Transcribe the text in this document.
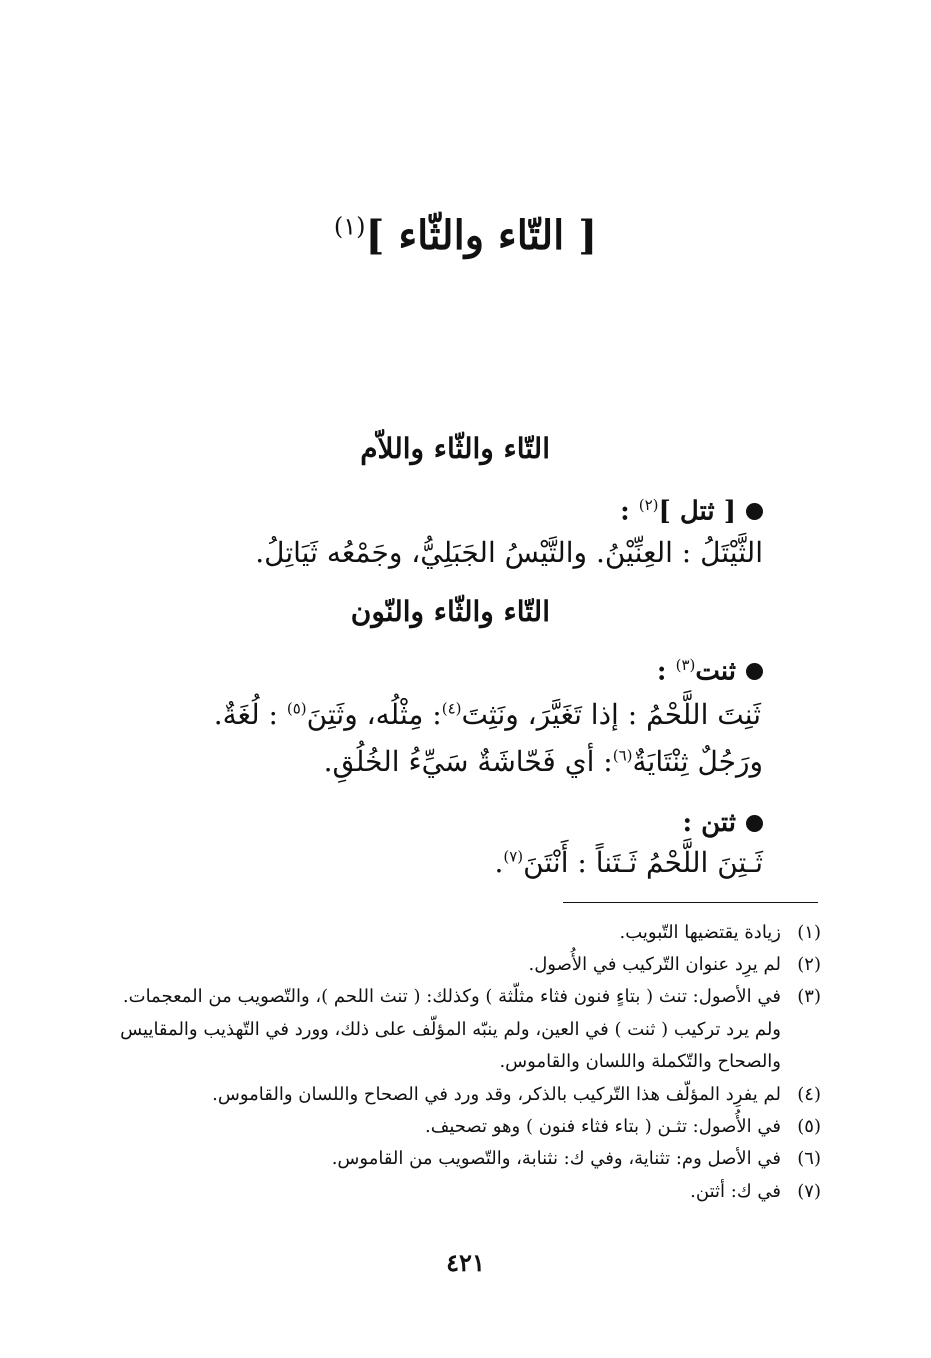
[ التّاء والثّاء ]$^{(١)}$
التّاء والثّاء واللاّم
[ ثتل ]$^{(٢)}$ :
الثَّيْتَلُ : العِنِّيْنُ. والتَّيْسُ الجَبَلِيُّ، وجَمْعُه ثَيَاتِلُ.
التّاء والثّاء والنّون
ثنت$^{(٣)}$ :
ثَنِتَ اللَّحْمُ : إذا تَغَيَّرَ، ونَثِتَ$^{(٤)}$: مِثْلُه، وثَتِنَ$^{(٥)}$ : لُغَةٌ.
ورَجُلٌ ثِنْتَايَةٌ$^{(٦)}$: أي فَحّاشَةٌ سَيِّءُ الخُلُقِ.
ثتن :
ثَـتِنَ اللَّحْمُ ثَـتَناً : أَنْتَنَ$^{(٧)}$.
(١)
زيادة يقتضيها التّبويب.
(٢)
لم يرِد عنوان التّركيب في الأُصول.
(٣)
في الأصول: تنث ( بتاءٍ فنون فثاء مثلّثة ) وكذلك: ( تنث اللحم )، والتّصويب من المعجمات.
ولم يرد تركيب ( ثنت ) في العين، ولم ينبّه المؤلّف على ذلك، وورد في التّهذيب والمقاييس
والصحاح والتّكملة واللسان والقاموس.
(٤)
لم يفرِد المؤلّف هذا التّركيب بالذكر، وقد ورد في الصحاح واللسان والقاموس.
(٥)
في الأُصول: تثـن ( بتاء فثاء فنون ) وهو تصحيف.
(٦)
في الأصل وم: تثناية، وفي ك: نثنابة، والتّصويب من القاموس.
(٧)
في ك: أثتن.
٤٢١
